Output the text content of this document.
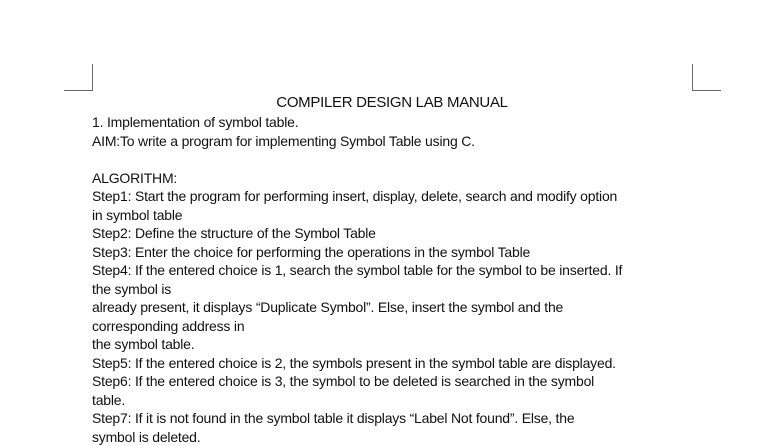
COMPILER DESIGN LAB MANUAL
1. Implementation of symbol table.
AIM:To write a program for implementing Symbol Table using C.
ALGORITHM:
Step1: Start the program for performing insert, display, delete, search and modify option
in symbol table
Step2: Define the structure of the Symbol Table
Step3: Enter the choice for performing the operations in the symbol Table
Step4: If the entered choice is 1, search the symbol table for the symbol to be inserted. If
the symbol is
already present, it displays “Duplicate Symbol”. Else, insert the symbol and the
corresponding address in
the symbol table.
Step5: If the entered choice is 2, the symbols present in the symbol table are displayed.
Step6: If the entered choice is 3, the symbol to be deleted is searched in the symbol
table.
Step7: If it is not found in the symbol table it displays “Label Not found”. Else, the
symbol is deleted.
